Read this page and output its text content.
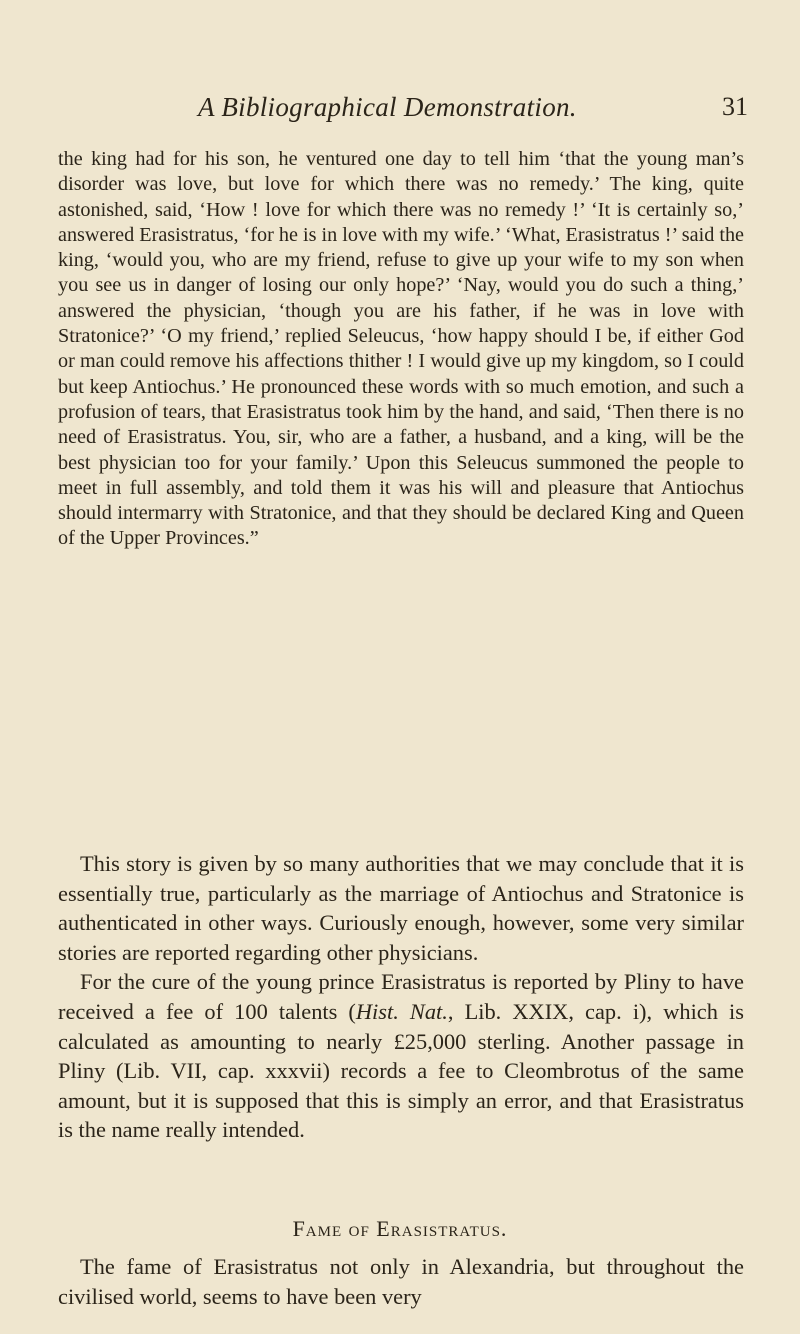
A Bibliographical Demonstration.	31

the king had for his son, he ventured one day to tell him ‘that the young man’s disorder was love, but love for which there was no remedy.’ The king, quite astonished, said, ‘How ! love for which there was no remedy !’ ‘It is certainly so,’ answered Erasistratus, ‘for he is in love with my wife.’ ‘What, Erasistratus !’ said the king, ‘would you, who are my friend, refuse to give up your wife to my son when you see us in danger of losing our only hope?’ ‘Nay, would you do such a thing,’ answered the physician, ‘though you are his father, if he was in love with Stratonice?’ ‘O my friend,’ replied Seleucus, ‘how happy should I be, if either God or man could remove his affections thither ! I would give up my kingdom, so I could but keep Antiochus.’ He pronounced these words with so much emotion, and such a profusion of tears, that Erasistratus took him by the hand, and said, ‘Then there is no need of Erasistratus. You, sir, who are a father, a husband, and a king, will be the best physician too for your family.’ Upon this Seleucus summoned the people to meet in full assembly, and told them it was his will and pleasure that Antiochus should intermarry with Stratonice, and that they should be declared King and Queen of the Upper Provinces.”

This story is given by so many authorities that we may conclude that it is essentially true, particularly as the marriage of Antiochus and Stratonice is authenticated in other ways. Curiously enough, however, some very similar stories are reported regarding other physicians.

For the cure of the young prince Erasistratus is reported by Pliny to have received a fee of 100 talents (Hist. Nat., Lib. XXIX, cap. i), which is calculated as amounting to nearly £25,000 sterling. Another passage in Pliny (Lib. VII, cap. xxxvii) records a fee to Cleombrotus of the same amount, but it is supposed that this is simply an error, and that Erasistratus is the name really intended.

Fame of Erasistratus.

The fame of Erasistratus not only in Alexandria, but throughout the civilised world, seems to have been very
